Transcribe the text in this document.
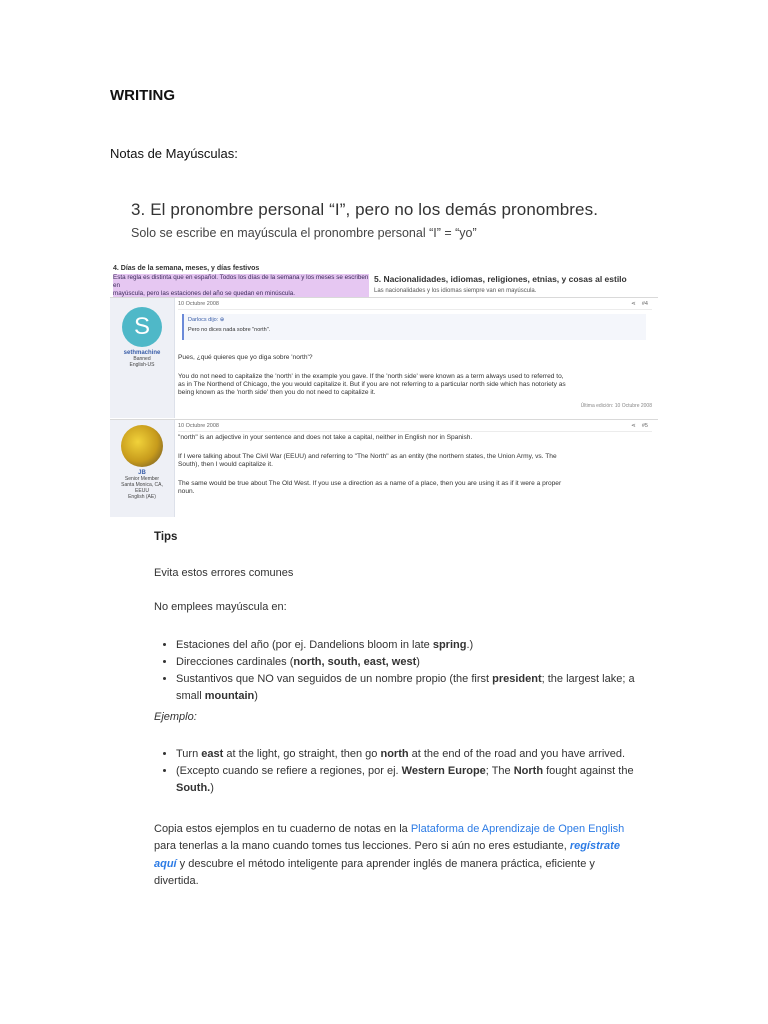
WRITING
Notas de Mayúsculas:
3. El pronombre personal “I”, pero no los demás pronombres.
Solo se escribe en mayúscula el pronombre personal “I” = “yo”
4. Días de la semana, meses, y días festivos
Esta regla es distinta que en español. Todos los días de la semana y los meses se escriben en
mayúscula, pero las estaciones del año se quedan en minúscula.
5. Nacionalidades, idiomas, religiones, etnias, y cosas al estilo
Las nacionalidades y los idiomas siempre van en mayúscula.
S
sethmachine
Banned
English-US
10 Octubre 2008	⋖ #4
Darlocs dijo: ⊕
Pero no dices nada sobre "north".

Pues, ¿qué quieres que yo diga sobre 'north'?

You do not need to capitalize the 'north' in the example you gave. If the 'north side' were known as a term always used to referred to,

as in The Northend of Chicago, the you would capitalize it. But if you are not referring to a particular north side which has notoriety as

being known as the 'north side' then you do not need to capitalize it.

Última edición: 10 Octubre 2008

JB
Senior Member
Santa Monica, CA,
EEUU
English (AE)
10 Octubre 2008	⋖ #5

"north" is an adjective in your sentence and does not take a capital, neither in English nor in Spanish.

If I were talking about The Civil War (EEUU) and referring to "The North" as an entity (the northern states, the Union Army, vs. The

South), then I would capitalize it.

The same would be true about The Old West. If you use a direction as a name of a place, then you are using it as if it were a proper

noun.

Tips
Evita estos errores comunes
No emplees mayúscula en:
• Estaciones del año (por ej. Dandelions bloom in late spring.)
• Direcciones cardinales (north, south, east, west)
• Sustantivos que NO van seguidos de un nombre propio (the first president; the largest lake; a small mountain)
Ejemplo:
• Turn east at the light, go straight, then go north at the end of the road and you have arrived.
• (Excepto cuando se refiere a regiones, por ej. Western Europe; The North fought against the South.)
Copia estos ejemplos en tu cuaderno de notas en la Plataforma de Aprendizaje de Open English para tenerlas a la mano cuando tomes tus lecciones. Pero si aún no eres estudiante, regístrate aquí y descubre el método inteligente para aprender inglés de manera práctica, eficiente y divertida.
